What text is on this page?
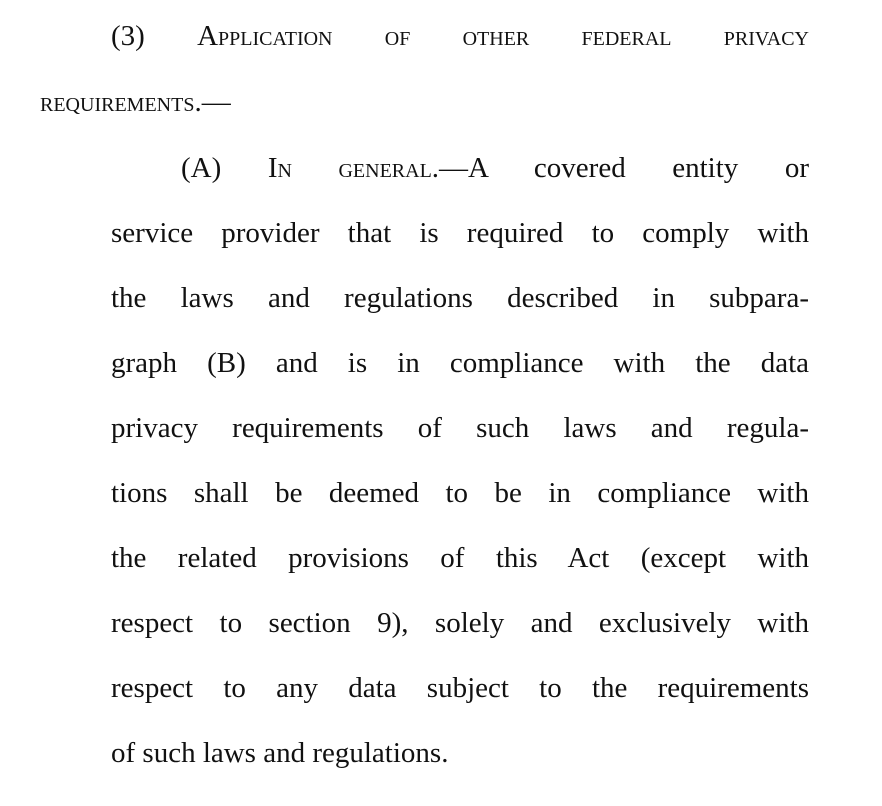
(3) Application of other federal privacy

requirements.—

(A) In general.—A covered entity or

service provider that is required to comply with

the laws and regulations described in subpara-

graph (B) and is in compliance with the data

privacy requirements of such laws and regula-

tions shall be deemed to be in compliance with

the related provisions of this Act (except with

respect to section 9), solely and exclusively with

respect to any data subject to the requirements

of such laws and regulations.
